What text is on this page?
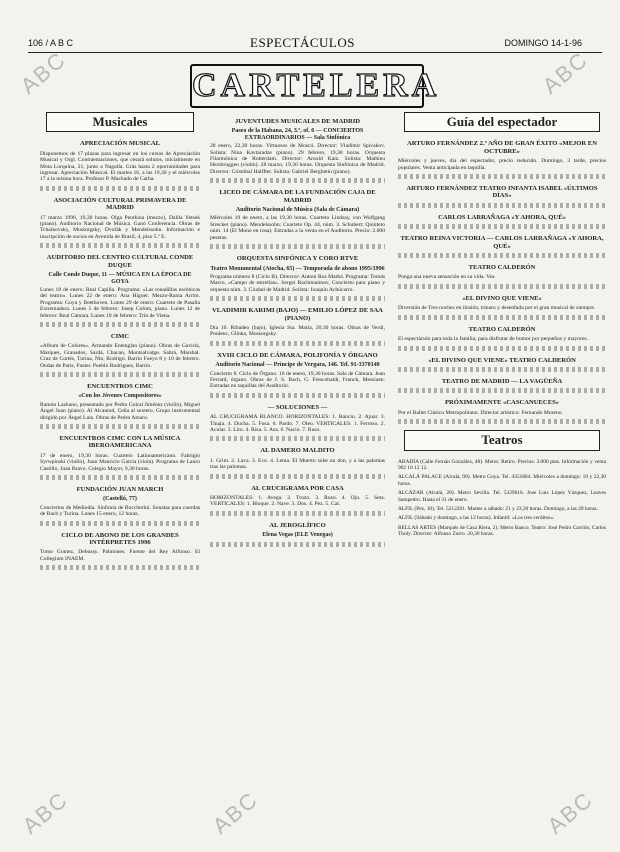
106 / A B C	ESPECTÁCULOS	DOMINGO 14-1-96
CARTELERA
Musicales
APRECIACIÓN MUSICAL

Disponemos de 17 plazas para ingresar en los cursos de Apreciación Musical y Orgl. Contraemaciones, que cesará solutos, inicialmente en Mota Lorquina, 21, junto a Nagolla. Grás hasta 2 oportunidades para ingresar. Apreciación Musical. El martes 16, a las 19,30 y el miércoles 17 a la misma hora. Profesor P. Machado de Carba.

ASOCIACIÓN CULTURAL PRIMAVERA DE MADRID

17 marzo 1996, 19,30 horas. Olga Pentkina (mezzo), Dalila Yetsek (piano). Auditorio Nacional de Música. Ganó Conferencia. Obras de Tchaikovsky, Mussorgsky, Dvořák y Mendelssohn. Información e inscripción de socios en Avenida de Brasil, 4, piso 5.º E.

AUDITORIO DEL CENTRO CULTURAL CONDE DUQUE
Calle Conde Duque, 11 — MÚSICA EN LA ÉPOCA DE GOYA

Lunes 18 de enero: Real Capilla. Programa: «Las tonadillas escénicas del teatro». Lunes 22 de enero: Ana Higuer. Mezzo-Rama Arrim. Programa: Goya y Beethoven. Lunes 29 de enero: Cuarteto de Pasalla Extremadura. Lunes 5 de febrero: Josep Colom, piano. Lunes 12 de febrero: Real Cámara. Lunes 19 de febrero: Trío de Viena.

CIMC

«Album de Colores». Armando Entenglan (piano). Obras de Gaviria, Marques, Granados, Sardá, Chacan, Montsalvatge. Sabrá, Marshal. Cruz de Cortés, Turina, Nin, Rodrigo. Barrio Fueyo 8 y 10 de febrero. Ondas de Paris, Fuster. Pueblo Rodriguez, Barrio.

ENCUENTROS CIMC
«Con los Jóvenes Compositores»

Ramón Lazkano, presentado por Pedro Guiral Jiménez (violín), Miguel Ángel Juan (piano). Al Alcantud, Ceña al sexteto. Grupo instrumental dirigido por Ángel Luis. Obras de Pedro Amaro.

ENCUENTROS CIMC CON LA MÚSICA IBEROAMERICANA

17 de enero, 19,30 horas. Cuarteto Latinoamericano. Fabrigio Syrwpinski (violín), Juan Mauricio Garcia (viola). Programa de Lauro Castillo, Juan Bravo. Colegio Mayor, 9,30 horas.

FUNDACIÓN JUAN MARCH
(Castelló, 77)

Conciertos de Mediodía. Sinfonía de Boccherini. Sonatas para cuerdas de Bach y Turina. Lunes 15 enero, 12 horas.

CICLO DE ABONO DE LOS GRANDES INTÉRPRETES 1996

Tomo Gomez, Debussy. Palmones: Fuente del Rey Alfonso. El Collegium INAEM.

JUVENTUDES MUSICALES DE MADRID
Paseo de la Habana, 24, 3.º, of. 6 — CONCIERTOS EXTRAORDINARIOS — Sala Sinfónica

28 enero, 22,30 horas. Virtuosos de Moscú. Director: Vladimir Spivakov. Solista: Nina Kavtaradze (piano). 29 febrero, 19,30 horas. Orquesta Filarmónica de Rotterdam. Director: Arnold Katz. Solista: Mathieu Hersbruggen (violín). 28 marzo, 19,30 horas. Orquesta Sinfónica de Madrid. Director: Cristóbal Halffter. Solista: Gabriel Berghtein (piano).

LICEO DE CÁMARA DE LA FUNDACIÓN CAJA DE MADRID
Auditorio Nacional de Música (Sala de Cámara)

Miércoles 19 de enero, a las 19,30 horas. Cuarteto Lindsay, con Wolfgang Strecker (piano). Mendelssohn: Cuarteto Op. 44, núm. 3. Schubert: Quinteto núm. 14 (El Mono en rosa). Entradas a la venta en el Auditorio. Precio: 2.000 pesetas.

ORQUESTA SINFÓNICA Y CORO RTVE
Teatro Monumental (Atocha, 65) — Temporada de abono 1995/1996

Programa número 8 (Ciclo B). Director: Antoni Ros Marbà. Programa: Tomás Marco, «Campo de estrellas». Sergei Rachmaninov, Concierto para piano y orquesta núm. 3. Ciudad de Madrid. Solista: Joaquín Achúcarro.

VLADIMIR KARIMI (BAJO) — EMILIO LÓPEZ DE SAA (PIANO)

Día 16. Ribadeo (bajo), Iglesia Sta. María, 20,30 horas. Obras de Verdi, Poulenc, Glinka, Mussorgsky.

XVIII CICLO DE CÁMARA, POLIFONÍA Y ÓRGANO
Auditorio Nacional — Príncipe de Vergara, 146. Tel. 91-3370140

Concierto 8. Ciclo de Órgano. 16 de enero, 19,30 horas. Sala de Cámara. Jean Ferrard, órgano. Obras de J. S. Bach, G. Frescobaldi, Franck, Messiaen. Entradas en taquillas del Auditorio.

— SOLUCIONES —

AL CRUCIGRAMA BLANCO. HORIZONTALES: 1. Rancio. 2. Ajuar. 3. Tinaja. 4. Ducha. 5. Fosa. 6. Pardo. 7. Oleo. VERTICALES: 1. Ferroso. 2. Acuiar. 3. Lito. 4. Risa. 5. Asa. 6. Nacio. 7. Ruso.

AL DAMERO MALDITO

1. Grim. 2. Lava. 3. Eco. 4. Lema. El Muerto sube un don, y a las palomas tras las palomas.

AL CRUCIGRAMA POR CASA

HORIZONTALES: 1. Avega. 2. Trozo. 3. Ruso. 4. Ojo. 5. Seta. VERTICALES: 1. Bloque. 2. Nave. 3. Dos. 4. Pez. 5. Cal.

AL JEROGLÍFICO
Elena Vegas (ELE Venegas)
Guía del espectador
ARTURO FERNÁNDEZ 2.º AÑO DE GRAN ÉXITO «MEJOR EN OCTUBRE»

Miércoles y jueves, día del espectador, precio reducido. Domingo, 3 tarde, precios populares. Venta anticipada en taquilla.

ARTURO FERNÁNDEZ TEATRO INFANTA ISABEL «ÚLTIMOS DÍAS»
CARLOS LARRAÑAGA «Y AHORA, QUÉ»
TEATRO REINA VICTORIA — CARLOS LARRAÑAGA «Y AHORA, QUÉ»
TEATRO CALDERÓN

Ponga una nueva sensación en su vida. Vea

«EL DIVINO QUE VIENE»

Diversión de Tres noches en ilusión, trinaru y desenfada por el gran musical de siempre.

TEATRO CALDERÓN

El espectáculo para toda la familia, para disfrutar de humor por pequeños y mayores.

«EL DIVINO QUE VIENE» TEATRO CALDERÓN
TEATRO DE MADRID — LA VAGÜEÑA
PRÓXIMAMENTE «CASCANUECES»

Por el Ballet Clásico Metropolitano. Director artístico: Fernando Moreno.

Teatros

ABADÍA (Calle Fernán González, 48). Metro: Retiro. Precios: 3.000 ptas. Información y venta 902 10 12 12.

ALCALÁ PALACE (Alcalá, 90). Metro Goya. Tel. 4351864. Miércoles a domingo: 19 y 22,30 horas.

ALCÁZAR (Alcalá, 20). Metro Sevilla. Tel. 5329616. Jose Luis López Vázquez, Leaves Sampedro. Hasta el 31 de enero.

ALFIL (Pez, 10). Tel. 5212201. Martes a sábado: 21 y 23,30 horas. Domingo, a las 20 horas.

ALFIL (Sábado y domingo, a las 12 horas). Infantil: «Los tres cerditos».

BELLAS ARTES (Marqués de Casa Riera, 2). Metro Banco. Teatro: José Pedro Carrión, Carlos Tholy. Director: Alfonso Zurro. 20,30 horas.

ABC	ABC
ABC	ABC	ABC
